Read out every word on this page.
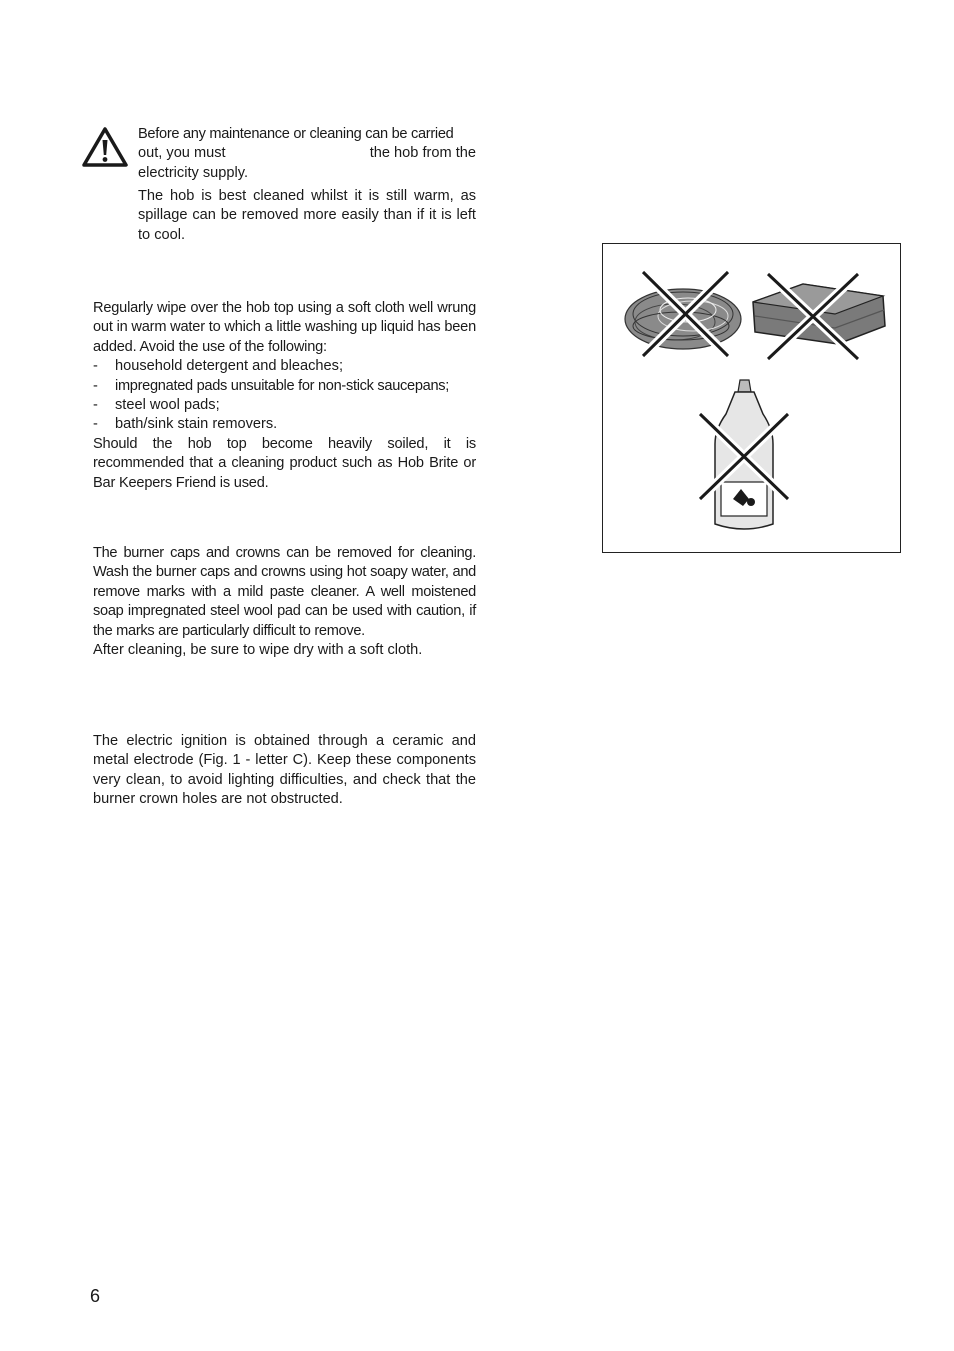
Before any maintenance or cleaning can be carried
out, you must	the hob from the
electricity supply.

The hob is best cleaned whilst it is still warm, as spillage can be removed more easily than if it is left to cool.

Regularly wipe over the hob top using a soft cloth well wrung out in warm water to which a little washing up liquid has been added. Avoid the use of the following:
- household detergent and bleaches;
- impregnated pads unsuitable for non-stick saucepans;
- steel wool pads;
- bath/sink stain removers.
Should the hob top become heavily soiled, it is recommended that a cleaning product such as Hob Brite or Bar Keepers Friend is used.
The burner caps and crowns can be removed for cleaning. Wash the burner caps and crowns using hot soapy water, and remove marks with a mild paste cleaner. A well moistened soap impregnated steel wool pad can be used with caution, if the marks are particularly difficult to remove.
After cleaning, be sure to wipe dry with a soft cloth.

The electric ignition is obtained through a ceramic and metal electrode (Fig. 1 - letter C). Keep these components very clean, to avoid lighting difficulties, and check that the burner crown holes are not obstructed.

6
